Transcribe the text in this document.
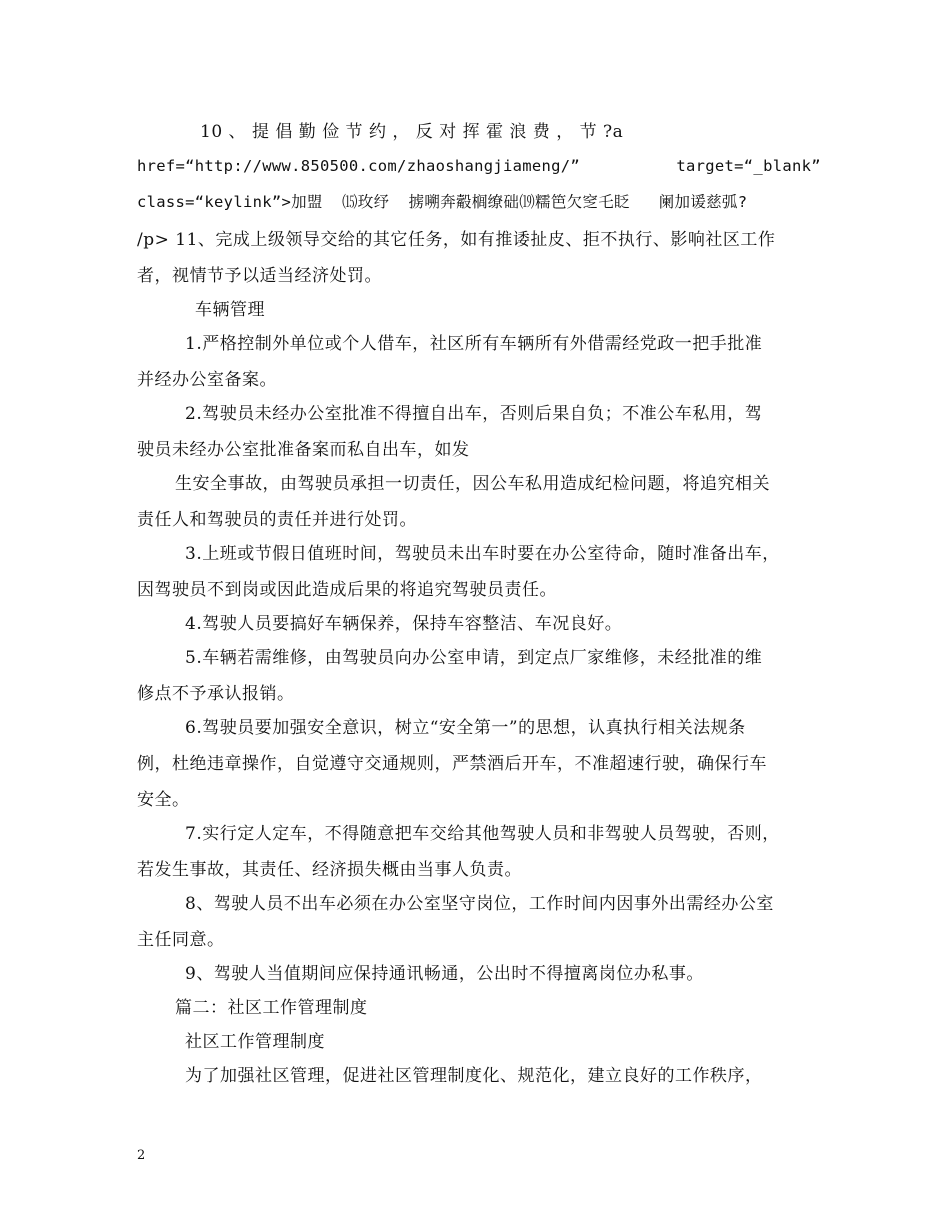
10 、 提 倡 勤 俭 节 约 ， 反 对 挥 霍 浪 费 ， 节 ?a
href=“http://www.850500.com/zhaoshangjiameng/”          target=“_blank”
class=“keylink”>加盟  ⒂玫纾  掳嗍奔觳榈缭础⒆糯笆欠窆乇眨   阑加谖慈弧?
/p> 11、完成上级领导交给的其它任务，如有推诿扯皮、拒不执行、影响社区工作
者，视情节予以适当经济处罚。
车辆管理
1.严格控制外单位或个人借车，社区所有车辆所有外借需经党政一把手批准
并经办公室备案。
2.驾驶员未经办公室批准不得擅自出车，否则后果自负；不准公车私用，驾
驶员未经办公室批准备案而私自出车，如发
生安全事故，由驾驶员承担一切责任，因公车私用造成纪检问题，将追究相关
责任人和驾驶员的责任并进行处罚。
3.上班或节假日值班时间，驾驶员未出车时要在办公室待命，随时准备出车，
因驾驶员不到岗或因此造成后果的将追究驾驶员责任。
4.驾驶人员要搞好车辆保养，保持车容整洁、车况良好。
5.车辆若需维修，由驾驶员向办公室申请，到定点厂家维修，未经批准的维
修点不予承认报销。
6.驾驶员要加强安全意识，树立“安全第一”的思想，认真执行相关法规条
例，杜绝违章操作，自觉遵守交通规则，严禁酒后开车，不准超速行驶，确保行车
安全。
7.实行定人定车，不得随意把车交给其他驾驶人员和非驾驶人员驾驶，否则，
若发生事故，其责任、经济损失概由当事人负责。
8、驾驶人员不出车必须在办公室坚守岗位，工作时间内因事外出需经办公室
主任同意。
9、驾驶人当值期间应保持通讯畅通，公出时不得擅离岗位办私事。
篇二：社区工作管理制度
社区工作管理制度
为了加强社区管理，促进社区管理制度化、规范化，建立良好的工作秩序，
2
